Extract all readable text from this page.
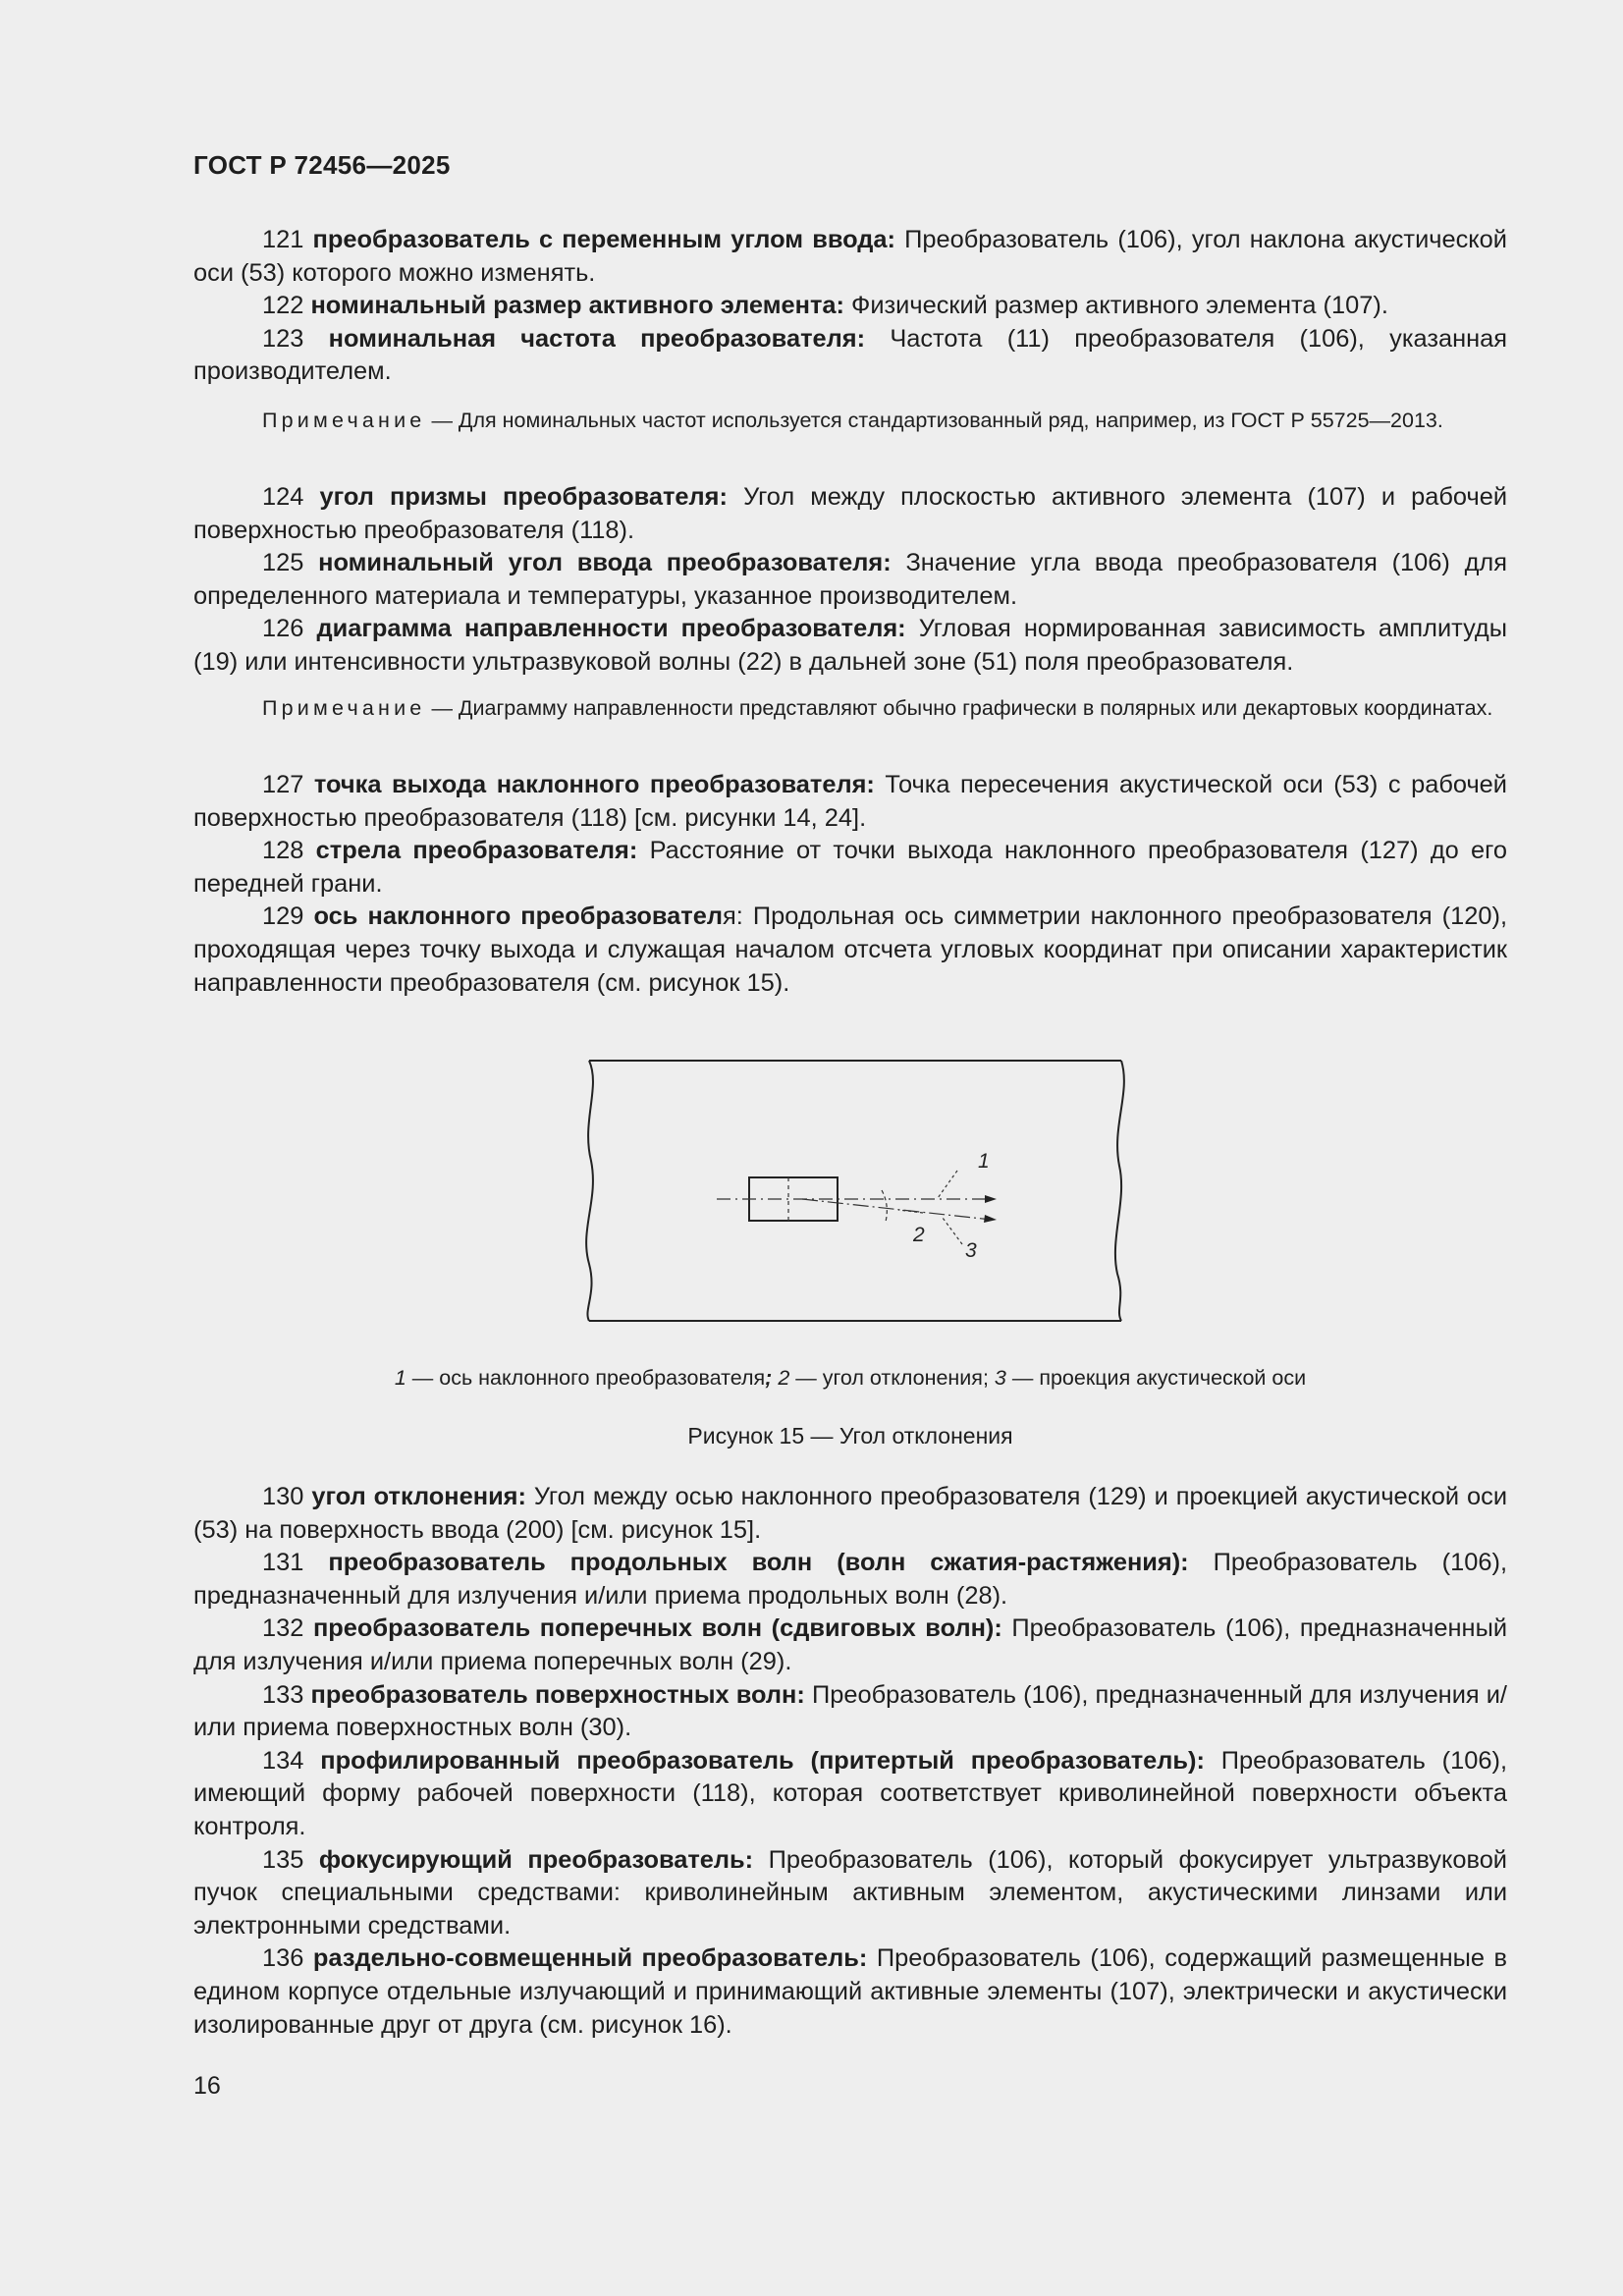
ГОСТ Р 72456—2025

121 преобразователь с переменным углом ввода: Преобразователь (106), угол наклона акустической оси (53) которого можно изменять.

122 номинальный размер активного элемента: Физический размер активного элемента (107).

123 номинальная частота преобразователя: Частота (11) преобразователя (106), указанная производителем.

Примечание — Для номинальных частот используется стандартизованный ряд, например, из ГОСТ Р 55725—2013.

124 угол призмы преобразователя: Угол между плоскостью активного элемента (107) и рабочей поверхностью преобразователя (118).

125 номинальный угол ввода преобразователя: Значение угла ввода преобразователя (106) для определенного материала и температуры, указанное производителем.

126 диаграмма направленности преобразователя: Угловая нормированная зависимость амплитуды (19) или интенсивности ультразвуковой волны (22) в дальней зоне (51) поля преобразователя.

Примечание — Диаграмму направленности представляют обычно графически в полярных или декартовых координатах.

127 точка выхода наклонного преобразователя: Точка пересечения акустической оси (53) с рабочей поверхностью преобразователя (118) [см. рисунки 14, 24].

128 стрела преобразователя: Расстояние от точки выхода наклонного преобразователя (127) до его передней грани.

129 ось наклонного преобразователя: Продольная ось симметрии наклонного преобразователя (120), проходящая через точку выхода и служащая началом отсчета угловых координат при описании характеристик направленности преобразователя (см. рисунок 15).

1
2
3
1 — ось наклонного преобразователя; 2 — угол отклонения; 3 — проекция акустической оси
Рисунок 15 — Угол отклонения

130 угол отклонения: Угол между осью наклонного преобразователя (129) и проекцией акустической оси (53) на поверхность ввода (200) [см. рисунок 15].

131 преобразователь продольных волн (волн сжатия-растяжения): Преобразователь (106), предназначенный для излучения и/или приема продольных волн (28).

132 преобразователь поперечных волн (сдвиговых волн): Преобразователь (106), предназначенный для излучения и/или приема поперечных волн (29).

133 преобразователь поверхностных волн: Преобразователь (106), предназначенный для излучения и/или приема поверхностных волн (30).

134 профилированный преобразователь (притертый преобразователь): Преобразователь (106), имеющий форму рабочей поверхности (118), которая соответствует криволинейной поверхности объекта контроля.

135 фокусирующий преобразователь: Преобразователь (106), который фокусирует ультразвуковой пучок специальными средствами: криволинейным активным элементом, акустическими линзами или электронными средствами.

136 раздельно-совмещенный преобразователь: Преобразователь (106), содержащий размещенные в едином корпусе отдельные излучающий и принимающий активные элементы (107), электрически и акустически изолированные друг от друга (см. рисунок 16).

16
